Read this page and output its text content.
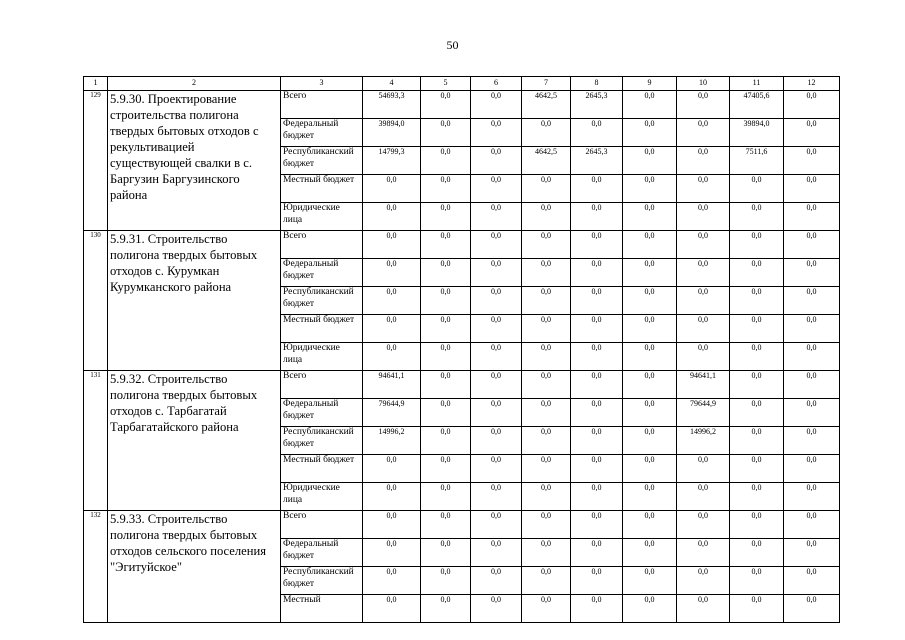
50
1	2	3	4	5	6	7	8	9	10	11	12
129	5.9.30. Проектирование строительства полигона твердых бытовых отходов с рекультивацией существующей свалки в с. Баргузин Баргузинского района	Всего	54693,3	0,0	0,0	4642,5	2645,3	0,0	0,0	47405,6	0,0
		Федеральный бюджет	39894,0	0,0	0,0	0,0	0,0	0,0	0,0	39894,0	0,0
		Республиканский бюджет	14799,3	0,0	0,0	4642,5	2645,3	0,0	0,0	7511,6	0,0
		Местный бюджет	0,0	0,0	0,0	0,0	0,0	0,0	0,0	0,0	0,0
		Юридические лица	0,0	0,0	0,0	0,0	0,0	0,0	0,0	0,0	0,0
130	5.9.31. Строительство полигона твердых бытовых отходов с. Курумкан Курумканского района	Всего	0,0	0,0	0,0	0,0	0,0	0,0	0,0	0,0	0,0
		Федеральный бюджет	0,0	0,0	0,0	0,0	0,0	0,0	0,0	0,0	0,0
		Республиканский бюджет	0,0	0,0	0,0	0,0	0,0	0,0	0,0	0,0	0,0
		Местный бюджет	0,0	0,0	0,0	0,0	0,0	0,0	0,0	0,0	0,0
		Юридические лица	0,0	0,0	0,0	0,0	0,0	0,0	0,0	0,0	0,0
131	5.9.32. Строительство полигона твердых бытовых отходов с. Тарбагатай Тарбагатайского района	Всего	94641,1	0,0	0,0	0,0	0,0	0,0	94641,1	0,0	0,0
		Федеральный бюджет	79644,9	0,0	0,0	0,0	0,0	0,0	79644,9	0,0	0,0
		Республиканский бюджет	14996,2	0,0	0,0	0,0	0,0	0,0	14996,2	0,0	0,0
		Местный бюджет	0,0	0,0	0,0	0,0	0,0	0,0	0,0	0,0	0,0
		Юридические лица	0,0	0,0	0,0	0,0	0,0	0,0	0,0	0,0	0,0
132	5.9.33. Строительство полигона твердых бытовых отходов сельского поселения "Эгитуйское"	Всего	0,0	0,0	0,0	0,0	0,0	0,0	0,0	0,0	0,0
		Федеральный бюджет	0,0	0,0	0,0	0,0	0,0	0,0	0,0	0,0	0,0
		Республиканский бюджет	0,0	0,0	0,0	0,0	0,0	0,0	0,0	0,0	0,0
		Местный	0,0	0,0	0,0	0,0	0,0	0,0	0,0	0,0	0,0
